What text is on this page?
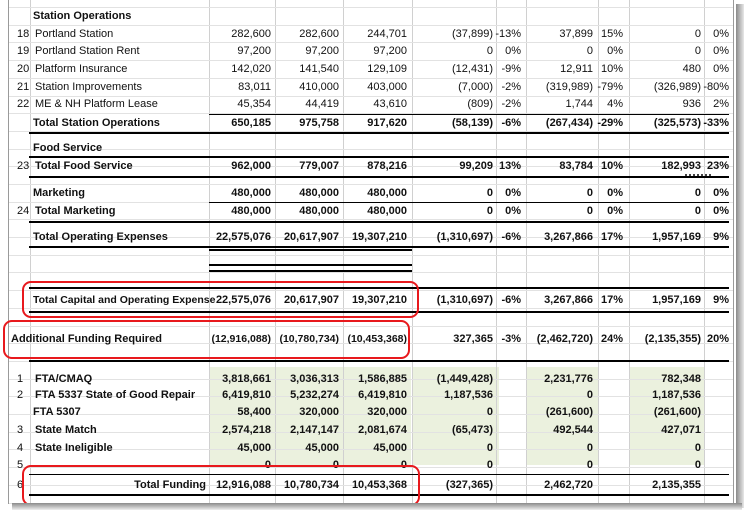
Station Operations
18 Portland Station	282,600	282,600	244,701	(37,899) -13%	37,899 15%	0 0%
19 Portland Station Rent	97,200	97,200	97,200	0 0%	0 0%	0 0%
20 Platform Insurance	142,020	141,540	129,109	(12,431) -9%	12,911 10%	480 0%
21 Station Improvements	83,011	410,000	403,000	(7,000) -2% (319,989) -79%	(326,989) -80%
22 ME & NH Platform Lease	45,354	44,419	43,610	(809) -2%	1,744 4%	936 2%
Total Station Operations	650,185	975,758	917,620	(58,139) -6% (267,434) -29%	(325,573) -33%
Food Service
23 Total Food Service	962,000	779,007	878,216	99,209 13%	83,784 10%	182,993 23%
Marketing	480,000	480,000	480,000	0 0%	0 0%	0 0%
24 Total Marketing	480,000	480,000	480,000	0 0%	0 0%	0 0%
Total Operating Expenses	22,575,076 20,617,907 19,307,210	(1,310,697) -6% 3,267,866 17%	1,957,169 9%
Total Capital and Operating Expense 22,575,076 20,617,907 19,307,210	(1,310,697) -6% 3,267,866 17%	1,957,169 9%
Additional Funding Required	(12,916,088) (10,780,734) (10,453,368)	327,365 -3% (2,462,720) 24% (2,135,355) 20%
1 FTA/CMAQ	3,818,661 3,036,313 1,586,885	(1,449,428)	2,231,776	782,348
2 FTA 5337 State of Good Repair 6,419,810 5,232,274 6,419,810	1,187,536	0	1,187,536
FTA 5307	58,400	320,000	320,000	0	(261,600)	(261,600)
3 State Match	2,574,218 2,147,147 2,081,674	(65,473)	492,544	427,071
4 State Ineligible	45,000	45,000	45,000	0	0	0
5	0	0	0	0	0	0
6	Total Funding 12,916,088 10,780,734 10,453,368	(327,365)	2,462,720	2,135,355
